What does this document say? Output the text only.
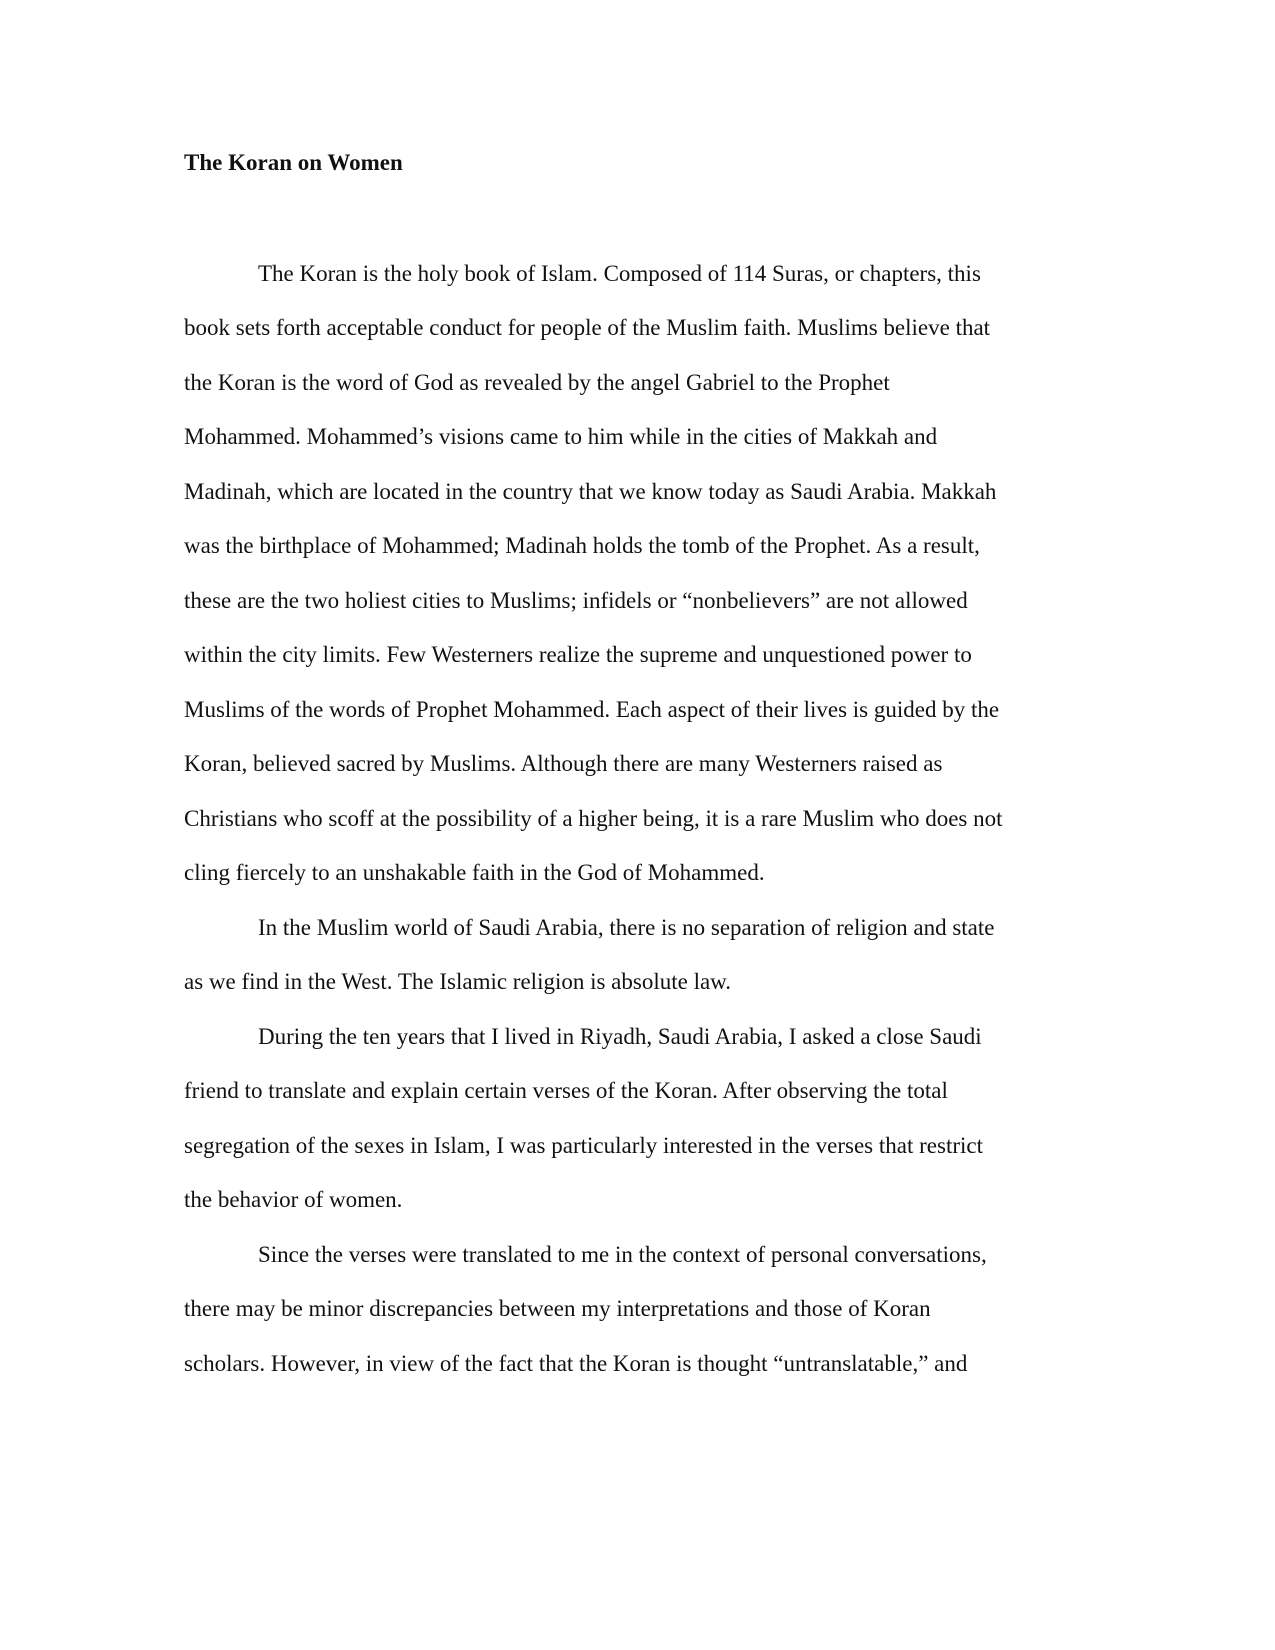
The Koran on Women
The Koran is the holy book of Islam. Composed of 114 Suras, or chapters, this
book sets forth acceptable conduct for people of the Muslim faith. Muslims believe that
the Koran is the word of God as revealed by the angel Gabriel to the Prophet
Mohammed. Mohammed’s visions came to him while in the cities of Makkah and
Madinah, which are located in the country that we know today as Saudi Arabia. Makkah
was the birthplace of Mohammed; Madinah holds the tomb of the Prophet. As a result,
these are the two holiest cities to Muslims; infidels or “nonbelievers” are not allowed
within the city limits. Few Westerners realize the supreme and unquestioned power to
Muslims of the words of Prophet Mohammed. Each aspect of their lives is guided by the
Koran, believed sacred by Muslims. Although there are many Westerners raised as
Christians who scoff at the possibility of a higher being, it is a rare Muslim who does not
cling fiercely to an unshakable faith in the God of Mohammed.
In the Muslim world of Saudi Arabia, there is no separation of religion and state
as we find in the West. The Islamic religion is absolute law.
During the ten years that I lived in Riyadh, Saudi Arabia, I asked a close Saudi
friend to translate and explain certain verses of the Koran. After observing the total
segregation of the sexes in Islam, I was particularly interested in the verses that restrict
the behavior of women.
Since the verses were translated to me in the context of personal conversations,
there may be minor discrepancies between my interpretations and those of Koran
scholars. However, in view of the fact that the Koran is thought “untranslatable,” and
